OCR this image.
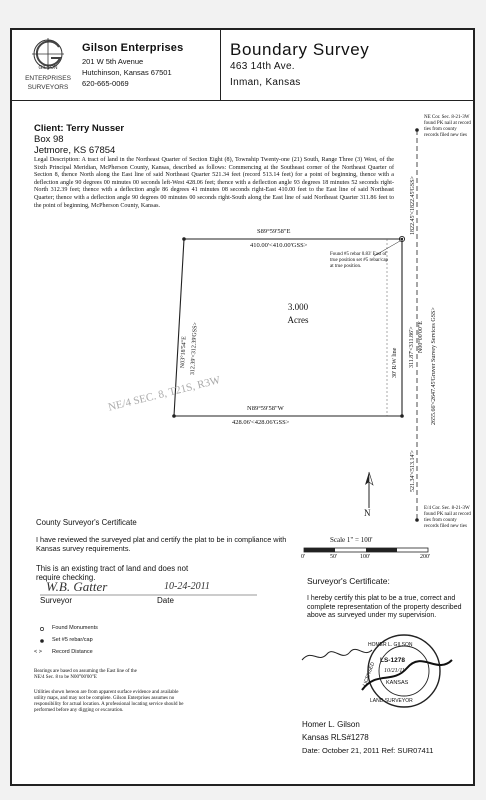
GILSON
ENTERPRISES
SURVEYORS
Gilson Enterprises
201 W 5th Avenue
Hutchinson, Kansas 67501
620-665-0069
Boundary Survey
463 14th Ave.
Inman, Kansas
Client: Terry Nusser
Box 98
Jetmore, KS 67854
Legal Description: A tract of land in the Northeast Quarter of Section Eight (8), Township Twenty-one (21) South, Range Three (3) West, of the Sixth Principal Meridian, McPherson County, Kansas, described as follows: Commencing at the Southeast corner of the Northeast Quarter of Section 8, thence North along the East line of said Northeast Quarter 521.34 feet (record 513.14 feet) for a point of beginning, thence with a deflection angle 90 degrees 00 minutes 00 seconds left-West 428.06 feet; thence with a deflection angle 93 degrees 18 minutes 52 seconds right-North 312.39 feet; thence with a deflection angle 86 degrees 41 minutes 08 seconds right-East 410.00 feet to the East line of said Northeast Quarter; thence with a deflection angle 90 degrees 00 minutes 00 seconds right-South along the East line of said Northeast Quarter 311.86 feet to the point of beginning, McPherson County, Kansas.
S89°59'58"E
410.00'<410.00'GSS>
N89°59'58"W
428.06'<428.06'GSS>
N03°18'54"E 312.39'<312.39'GSS>
3.000
Acres
30' R/W line
NE/4 SEC. 8, T21S, R3W
Found #5 rebar 0.83' East of true position set #5 rebar/cap at true position.
NE Cor. Sec. 8-21-3W found PK nail at record ties from county records filed new ties
E/4 Cor. Sec. 8-21-3W found PK nail at record ties from county records filed new ties
1822.45'<1822.45'GSS>
311.87'<311.86'> N00°00'00"E 2655.66'<2647.45'Gruver Survey Services GSS>
521.34'<513.14'>
N
Scale 1" = 100'
0'	50'	100'	200'
County Surveyor's Certificate
I have reviewed the surveyed plat and certify the plat to be in compliance with Kansas survey requirements.
This is an existing tract of land and does not require checking.
W.B. Gatter	10-24-2011
Surveyor	Date
Found Monuments
Set #5 rebar/cap
< > Record Distance
Bearings are based on assuming the East line of the NE/4 Sec. 8 to be N00°00'00"E
Utilities shown hereon are from apparent surface evidence and available utility maps, and may not be complete. Gilson Enterprises assumes no responsibility for actual location. A professional locating service should be performed before any digging or excavation.
Surveyor's Certificate:
I hereby certify this plat to be a true, correct and complete representation of the property described above as surveyed under my supervision.
HOMER L. GILSON
LS-1278
10/21/11
KANSAS
LAND SURVEYOR
LICENSED
Homer L. Gilson
Kansas RLS#1278
Date: October 21, 2011 Ref: SUR07411
